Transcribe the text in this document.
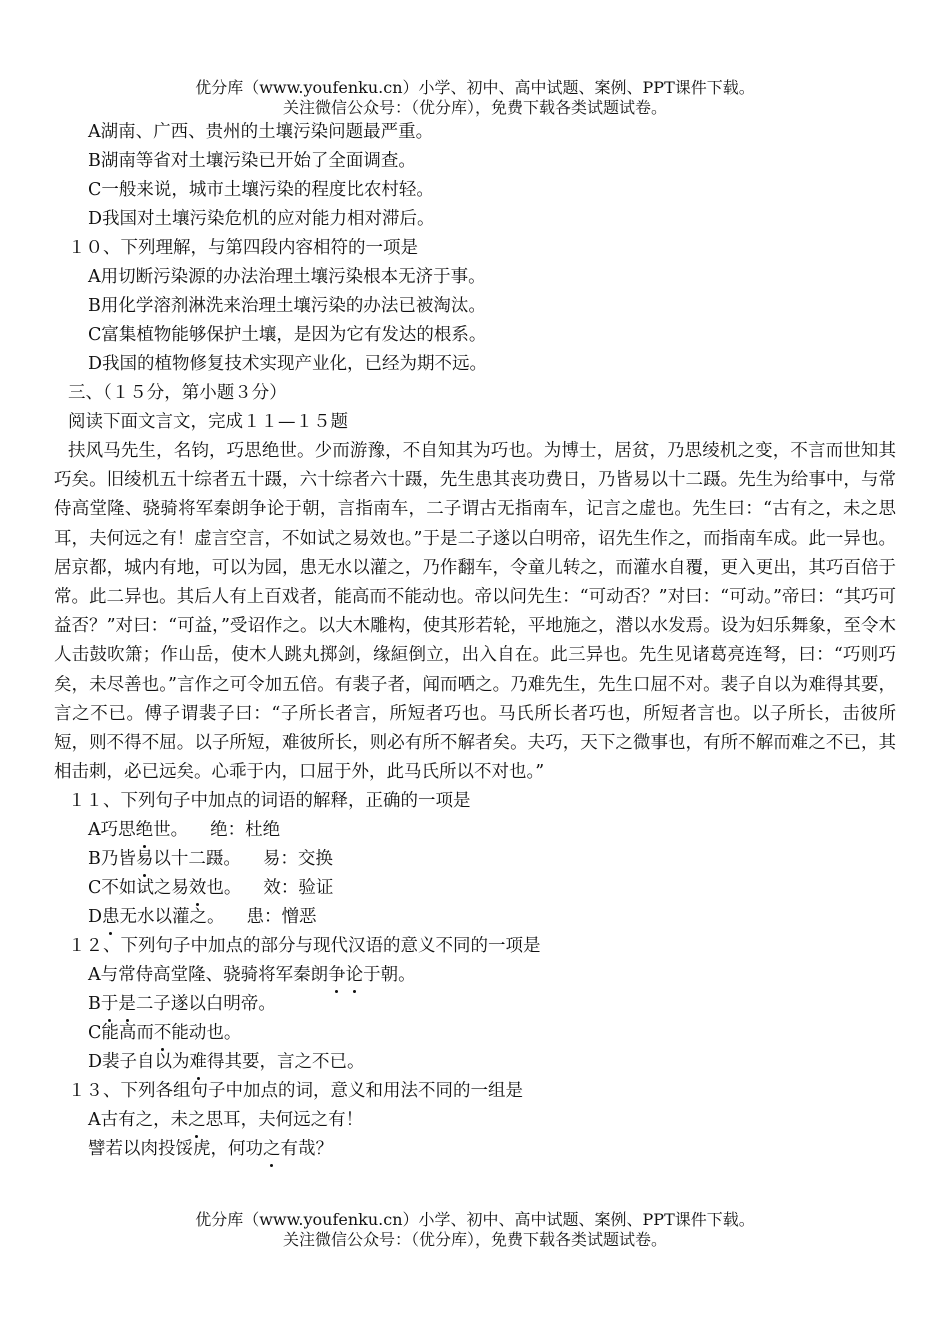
优分库（www.youfenku.cn）小学、初中、高中试题、案例、PPT课件下载。
关注微信公众号：（优分库），免费下载各类试题试卷。
A湖南、广西、贵州的土壤污染问题最严重。
B湖南等省对土壤污染已开始了全面调查。
C一般来说，城市土壤污染的程度比农村轻。
D我国对土壤污染危机的应对能力相对滞后。
１０、下列理解，与第四段内容相符的一项是
A用切断污染源的办法治理土壤污染根本无济于事。
B用化学溶剂淋洗来治理土壤污染的办法已被淘汰。
C富集植物能够保护土壤，是因为它有发达的根系。
D我国的植物修复技术实现产业化，已经为期不远。
三、（１５分，第小题３分）
阅读下面文言文，完成１１—１５题
扶风马先生，名钧，巧思绝世。少而游豫，不自知其为巧也。为博士，居贫，乃思绫机之变，不言而世知其巧矣。旧绫机五十综者五十蹑，六十综者六十蹑，先生患其丧功费日，乃皆易以十二蹑。先生为给事中，与常侍高堂隆、骁骑将军秦朗争论于朝，言指南车，二子谓古无指南车，记言之虚也。先生曰：“古有之，未之思耳，夫何远之有！虚言空言，不如试之易效也。”于是二子遂以白明帝，诏先生作之，而指南车成。此一异也。居京都，城内有地，可以为园，患无水以灌之，乃作翻车，令童儿转之，而灌水自覆，更入更出，其巧百倍于常。此二异也。其后人有上百戏者，能高而不能动也。帝以问先生：“可动否？”对曰：“可动。”帝曰：“其巧可益否？”对曰：“可益，”受诏作之。以大木雕构，使其形若轮，平地施之，潜以水发焉。设为妇乐舞象，至令木人击鼓吹箫；作山岳，使木人跳丸掷剑，缘絙倒立，出入自在。此三异也。先生见诸葛亮连弩，曰：“巧则巧矣，未尽善也。”言作之可令加五倍。有裴子者，闻而哂之。乃难先生，先生口屈不对。裴子自以为难得其要，言之不已。傅子谓裴子曰：“子所长者言，所短者巧也。马氏所长者巧也，所短者言也。以子所长，击彼所短，则不得不屈。以子所短，难彼所长，则必有所不解者矣。夫巧，天下之微事也，有所不解而难之不已，其相击刺，必已远矣。心乖于内，口屈于外，此马氏所以不对也。”
１１、下列句子中加点的词语的解释，正确的一项是
A巧思绝世。 绝：杜绝
B乃皆易以十二蹑。 易：交换
C不如试之易效也。 效：验证
D患无水以灌之。 患：憎恶
１２、下列句子中加点的部分与现代汉语的意义不同的一项是
A与常侍高堂隆、骁骑将军秦朗争论于朝。
B于是二子遂以白明帝。
C能高而不能动也。
D裴子自以为难得其要，言之不已。
１３、下列各组句子中加点的词，意义和用法不同的一组是
A古有之，未之思耳，夫何远之有！
譬若以肉投馁虎，何功之有哉？
优分库（www.youfenku.cn）小学、初中、高中试题、案例、PPT课件下载。
关注微信公众号：（优分库），免费下载各类试题试卷。
